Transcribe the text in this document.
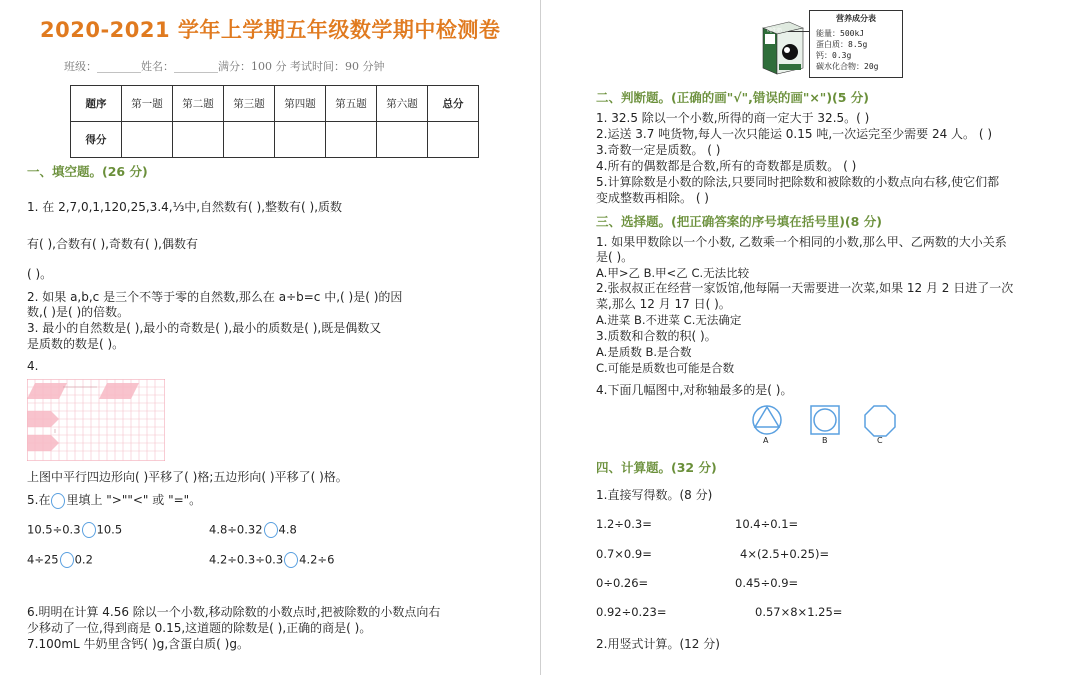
2020-2021 学年上学期五年级数学期中检测卷
班级：________姓名：________满分：100 分 考试时间：90 分钟
题序	第一题	第二题	第三题	第四题	第五题	第六题	总分
得分							
一、填空题。(26 分)
1. 在 2,7,0,1,120,25,3.4,⅓中,自然数有( ),整数有( ),质数
有( ),合数有( ),奇数有( ),偶数有
( )。
2. 如果 a,b,c 是三个不等于零的自然数,那么在 a÷b=c 中,( )是( )的因
数,( )是( )的倍数。
3. 最小的自然数是( ),最小的奇数是( ),最小的质数是( ),既是偶数又
是质数的数是( )。
4.
上图中平行四边形向( )平移了( )格;五边形向( )平移了( )格。
5.在 里填上 ">""<" 或 "="。
10.5÷0.3 10.5	4.8÷0.32 4.8
4÷25 0.2	4.2÷0.3÷0.3 4.2÷6
6.明明在计算 4.56 除以一个小数,移动除数的小数点时,把被除数的小数点向右
少移动了一位,得到商是 0.15,这道题的除数是( ),正确的商是( )。
7.100mL 牛奶里含钙( )g,含蛋白质( )g。
纯牛奶
营养成分表
能量：500kJ
蛋白质：8.5g
钙：0.3g
碳水化合物：20g
二、判断题。(正确的画"√",错误的画"×")(5 分)
1. 32.5 除以一个小数,所得的商一定大于 32.5。( )
2.运送 3.7 吨货物,每人一次只能运 0.15 吨,一次运完至少需要 24 人。 ( )
3.奇数一定是质数。 ( )
4.所有的偶数都是合数,所有的奇数都是质数。 ( )
5.计算除数是小数的除法,只要同时把除数和被除数的小数点向右移,使它们都
变成整数再相除。 ( )
三、选择题。(把正确答案的序号填在括号里)(8 分)
1. 如果甲数除以一个小数, 乙数乘一个相同的小数,那么甲、乙两数的大小关系
是( )。
A.甲>乙 B.甲<乙 C.无法比较
2.张叔叔正在经营一家饭馆,他每隔一天需要进一次菜,如果 12 月 2 日进了一次
菜,那么 12 月 17 日( )。
A.进菜 B.不进菜 C.无法确定
3.质数和合数的积( )。
A.是质数 B.是合数
C.可能是质数也可能是合数
4.下面几幅图中,对称轴最多的是( )。
A	B	C
四、计算题。(32 分)
1.直接写得数。(8 分)
1.2÷0.3=	10.4÷0.1=
0.7×0.9=	4×(2.5+0.25)=
0÷0.26=	0.45÷0.9=
0.92÷0.23=	0.57×8×1.25=
2.用竖式计算。(12 分)
